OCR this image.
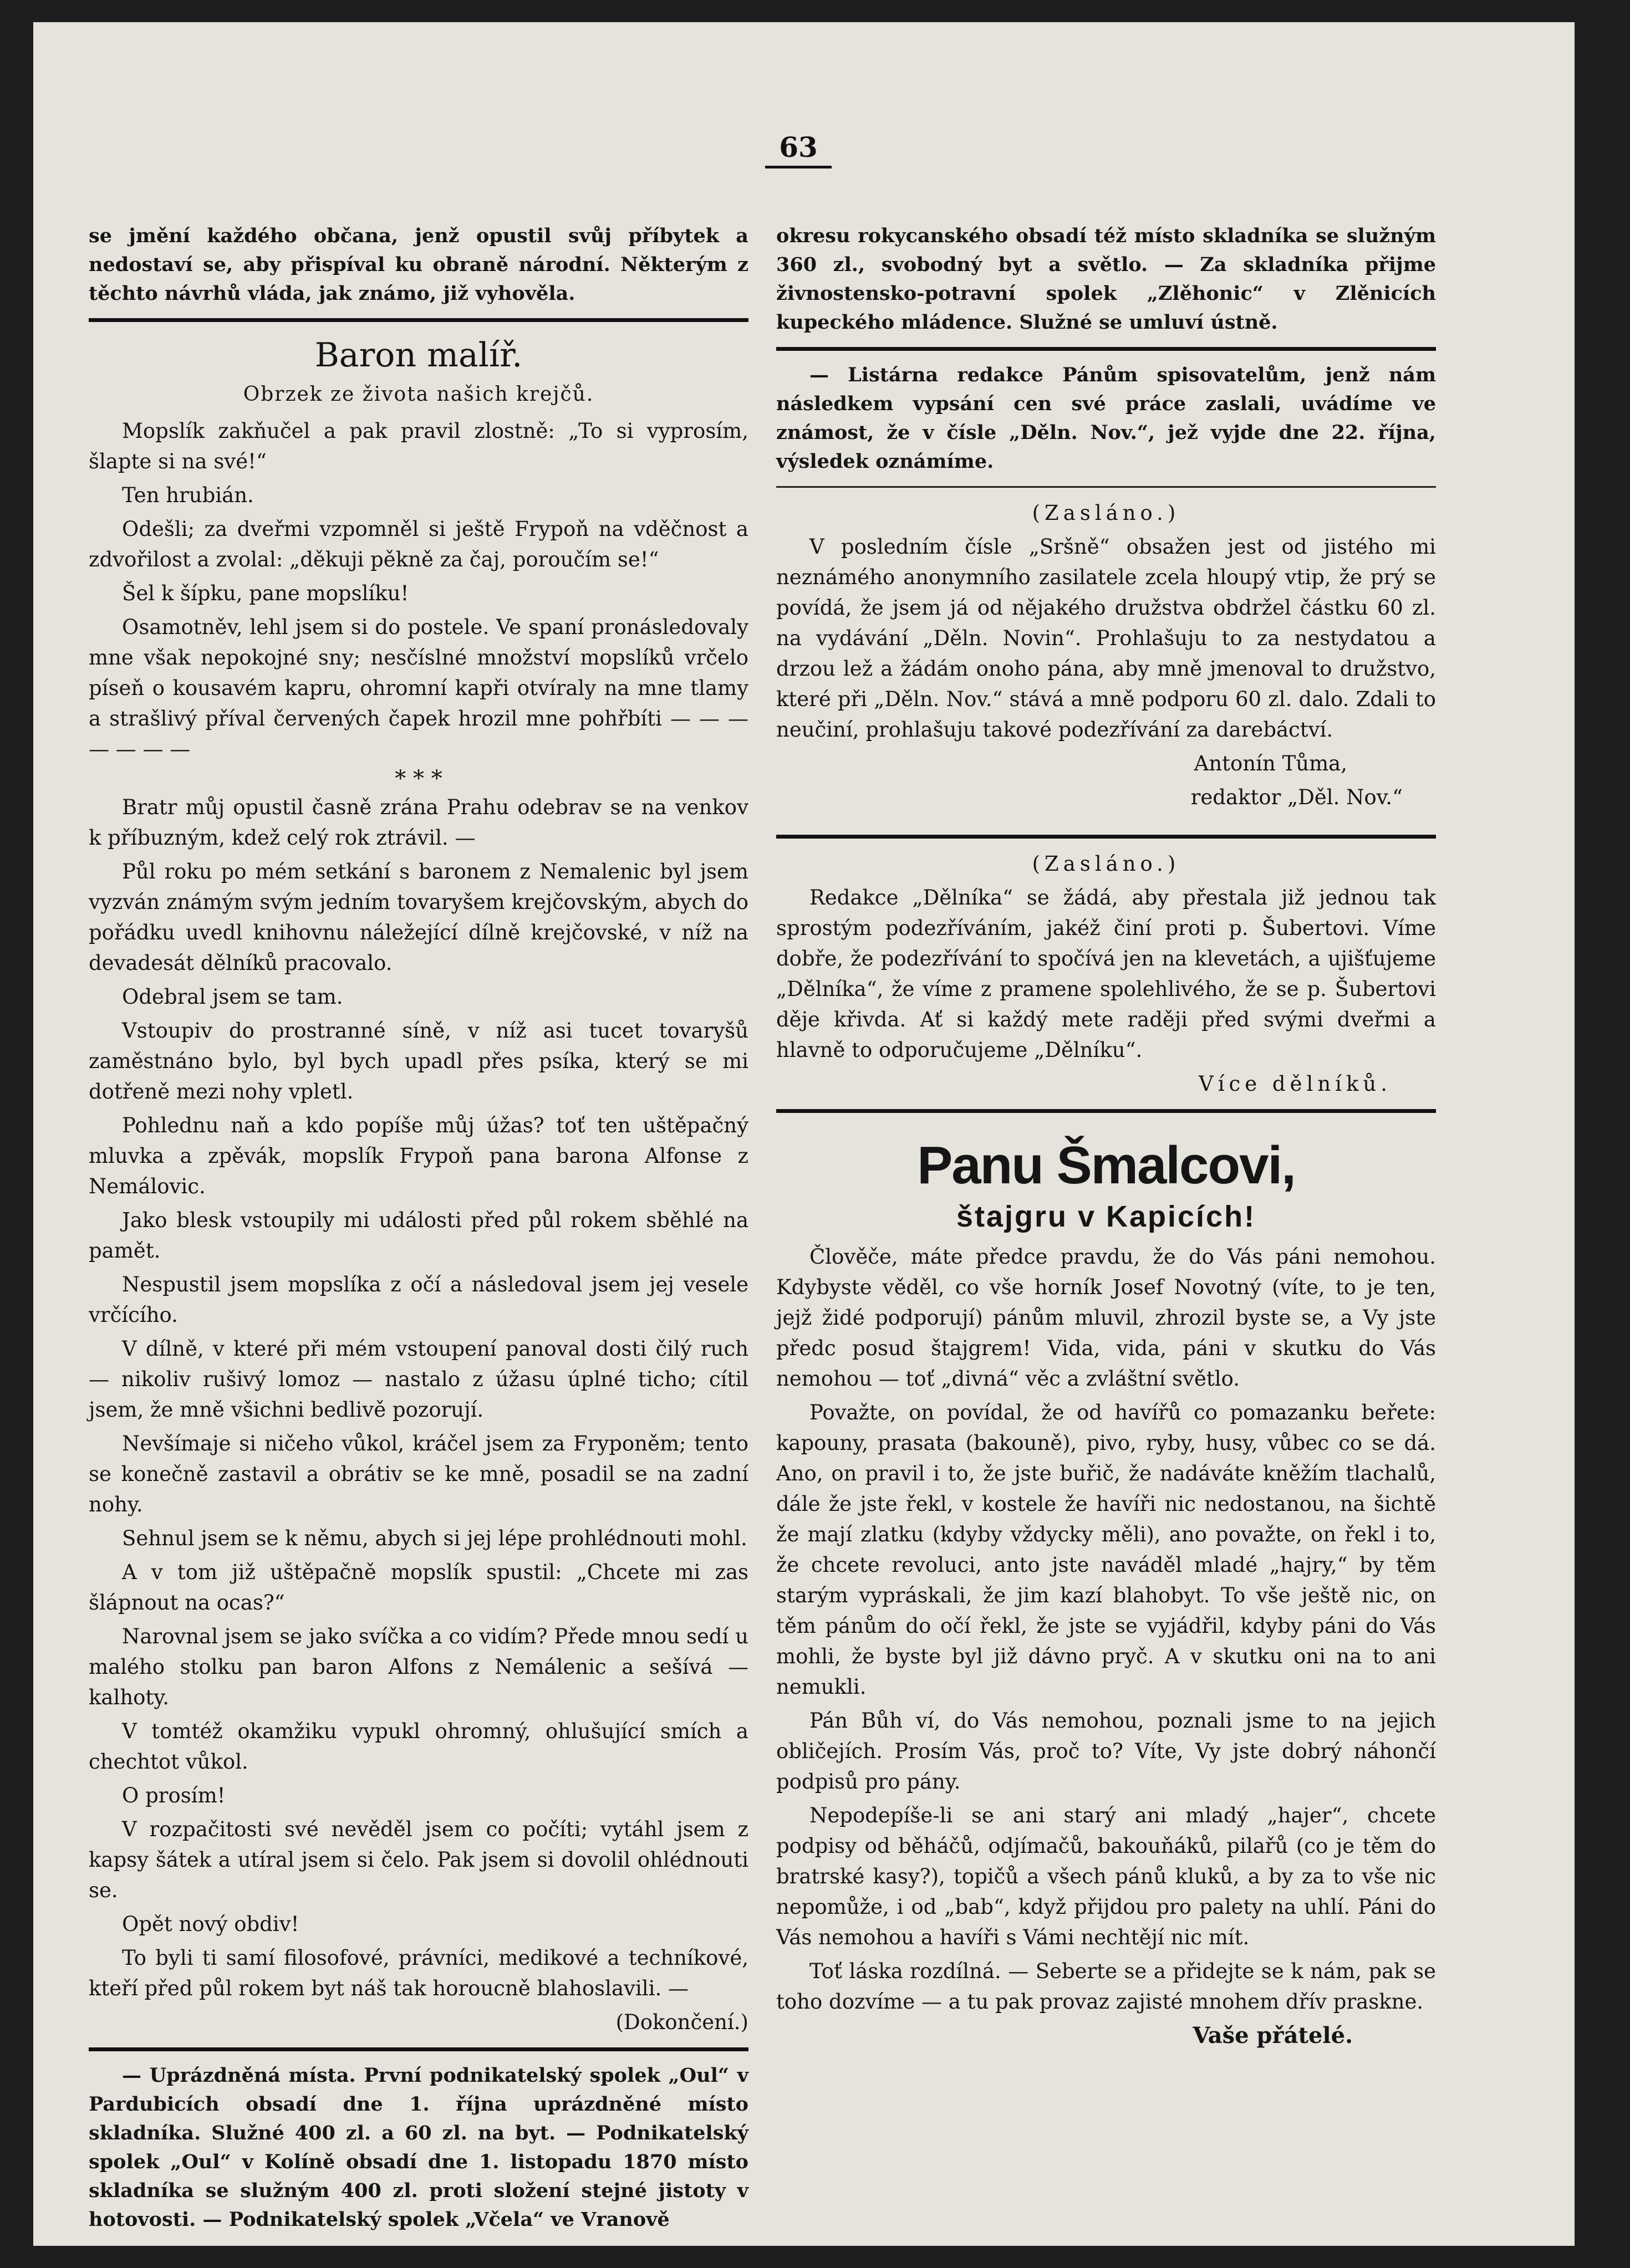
63

se jmění každého občana, jenž opustil svůj příbytek a nedostaví se, aby přispíval ku obraně národní. Některým z těchto návrhů vláda, jak známo, již vyhověla.

Baron malíř.
Obrzek ze života našich krejčů.

Mopslík zakňučel a pak pravil zlostně: „To si vyprosím, šlapte si na své!“

Ten hrubián.

Odešli; za dveřmi vzpomněl si ještě Frypoň na vděčnost a zdvořilost a zvolal: „děkuji pěkně za čaj, poroučím se!“

Šel k šípku, pane mopslíku!

Osamotněv, lehl jsem si do postele. Ve spaní pronásledovaly mne však nepokojné sny; nesčíslné množství mopslíků vrčelo píseň o kousavém kapru, ohromní kapři otvíraly na mne tlamy a strašlivý příval červených čapek hrozil mne pohřbíti — — — — — — —

* * *

Bratr můj opustil časně zrána Prahu odebrav se na venkov k příbuzným, kdež celý rok ztrávil. —

Půl roku po mém setkání s baronem z Nemalenic byl jsem vyzván známým svým jedním tovaryšem krejčovským, abych do pořádku uvedl knihovnu náležející dílně krejčovské, v níž na devadesát dělníků pracovalo.

Odebral jsem se tam.

Vstoupiv do prostranné síně, v níž asi tucet tovaryšů zaměstnáno bylo, byl bych upadl přes psíka, který se mi dotřeně mezi nohy vpletl.

Pohlednu naň a kdo popíše můj úžas? toť ten uštěpačný mluvka a zpěvák, mopslík Frypoň pana barona Alfonse z Nemálovic.

Jako blesk vstoupily mi události před půl rokem sběhlé na pamět.

Nespustil jsem mopslíka z očí a následoval jsem jej vesele vrčícího.

V dílně, v které při mém vstoupení panoval dosti čilý ruch — nikoliv rušivý lomoz — nastalo z úžasu úplné ticho; cítil jsem, že mně všichni bedlivě pozorují.

Nevšímaje si ničeho vůkol, kráčel jsem za Fryponěm; tento se konečně zastavil a obrátiv se ke mně, posadil se na zadní nohy.

Sehnul jsem se k němu, abych si jej lépe prohlédnouti mohl.

A v tom již uštěpačně mopslík spustil: „Chcete mi zas šlápnout na ocas?“

Narovnal jsem se jako svíčka a co vidím? Přede mnou sedí u malého stolku pan baron Alfons z Nemálenic a sešívá — kalhoty.

V tomtéž okamžiku vypukl ohromný, ohlušující smích a chechtot vůkol.

O prosím!

V rozpačitosti své nevěděl jsem co počíti; vytáhl jsem z kapsy šátek a utíral jsem si čelo. Pak jsem si dovolil ohlédnouti se.

Opět nový obdiv!

To byli ti samí filosofové, právníci, medikové a techníkové, kteří před půl rokem byt náš tak horoucně blahoslavili. —

(Dokončení.)

— Uprázdněná místa. První podnikatelský spolek „Oul“ v Pardubicích obsadí dne 1. října uprázdněné místo skladníka. Služné 400 zl. a 60 zl. na byt. — Podnikatelský spolek „Oul“ v Kolíně obsadí dne 1. listopadu 1870 místo skladníka se služným 400 zl. proti složení stejné jistoty v hotovosti. — Podnikatelský spolek „Včela“ ve Vranově

okresu rokycanského obsadí též místo skladníka se služným 360 zl., svobodný byt a světlo. — Za skladníka přijme živnostensko-potravní spolek „Zlěhonic“ v Zlěnicích kupeckého mládence. Služné se umluví ústně.

— Listárna redakce Pánům spisovatelům, jenž nám následkem vypsání cen své práce zaslali, uvádíme ve známost, že v čísle „Děln. Nov.“, jež vyjde dne 22. října, výsledek oznámíme.

(Zasláno.)

V posledním čísle „Sršně“ obsažen jest od jistého mi neznámého anonymního zasilatele zcela hloupý vtip, že prý se povídá, že jsem já od nějakého družstva obdržel částku 60 zl. na vydávání „Děln. Novin“. Prohlašuju to za nestydatou a drzou lež a žádám onoho pána, aby mně jmenoval to družstvo, které při „Děln. Nov.“ stává a mně podporu 60 zl. dalo. Zdali to neučiní, prohlašuju takové podezřívání za darebáctví.

Antonín Tůma,

redaktor „Děl. Nov.“

(Zasláno.)

Redakce „Dělníka“ se žádá, aby přestala již jednou tak sprostým podezříváním, jakéž činí proti p. Šubertovi. Víme dobře, že podezřívání to spočívá jen na klevetách, a ujišťujeme „Dělníka“, že víme z pramene spolehlivého, že se p. Šubertovi děje křivda. Ať si každý mete raději před svými dveřmi a hlavně to odporučujeme „Dělníku“.

Více dělníků.

Panu Šmalcovi,
štajgru v Kapicích!

Člověče, máte předce pravdu, že do Vás páni nemohou. Kdybyste věděl, co vše horník Josef Novotný (víte, to je ten, jejž židé podporují) pánům mluvil, zhrozil byste se, a Vy jste předc posud štajgrem! Vida, vida, páni v skutku do Vás nemohou — toť „divná“ věc a zvláštní světlo.

Považte, on povídal, že od havířů co pomazanku beřete: kapouny, prasata (bakouně), pivo, ryby, husy, vůbec co se dá. Ano, on pravil i to, že jste buřič, že nadáváte kněžím tlachalů, dále že jste řekl, v kostele že havíři nic nedostanou, na šichtě že mají zlatku (kdyby vždycky měli), ano považte, on řekl i to, že chcete revoluci, anto jste naváděl mladé „hajry,“ by těm starým vypráskali, že jim kazí blahobyt. To vše ještě nic, on těm pánům do očí řekl, že jste se vyjádřil, kdyby páni do Vás mohli, že byste byl již dávno pryč. A v skutku oni na to ani nemukli.

Pán Bůh ví, do Vás nemohou, poznali jsme to na jejich obličejích. Prosím Vás, proč to? Víte, Vy jste dobrý náhončí podpisů pro pány.

Nepodepíše-li se ani starý ani mladý „hajer“, chcete podpisy od běháčů, odjímačů, bakouňáků, pilařů (co je těm do bratrské kasy?), topičů a všech pánů kluků, a by za to vše nic nepomůže, i od „bab“, když přijdou pro palety na uhlí. Páni do Vás nemohou a havíři s Vámi nechtějí nic mít.

Toť láska rozdílná. — Seberte se a přidejte se k nám, pak se toho dozvíme — a tu pak provaz zajisté mnohem dřív praskne.

Vaše přátelé.
